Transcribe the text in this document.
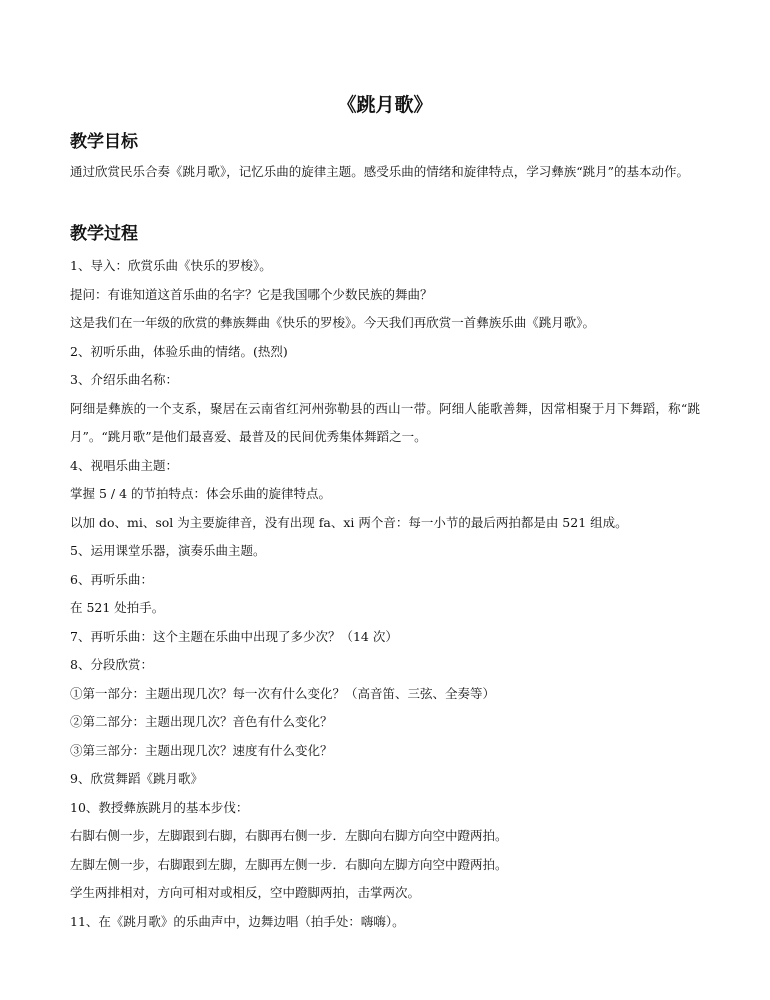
《跳月歌》
教学目标

通过欣赏民乐合奏《跳月歌》，记忆乐曲的旋律主题。感受乐曲的情绪和旋律特点，学习彝族“跳月”的基本动作。

教学过程

1、导入：欣赏乐曲《快乐的罗梭》。

提问：有谁知道这首乐曲的名字？它是我国哪个少数民族的舞曲？

这是我们在一年级的欣赏的彝族舞曲《快乐的罗梭》。今天我们再欣赏一首彝族乐曲《跳月歌》。

2、初听乐曲，体验乐曲的情绪。(热烈)

3、介绍乐曲名称：

阿细是彝族的一个支系，聚居在云南省红河州弥勒县的西山一带。阿细人能歌善舞，因常相聚于月下舞蹈，称“跳月”。“跳月歌”是他们最喜爱、最普及的民间优秀集体舞蹈之一。

4、视唱乐曲主题：

掌握 5 / 4 的节拍特点：体会乐曲的旋律特点。

以加 do、mi、sol 为主要旋律音，没有出现 fa、xi 两个音：每一小节的最后两拍都是由 521 组成。

5、运用课堂乐器，演奏乐曲主题。

6、再听乐曲：

在 521 处拍手。

7、再听乐曲：这个主题在乐曲中出现了多少次？（14 次）

8、分段欣赏：

①第一部分：主题出现几次？每一次有什么变化？（高音笛、三弦、全奏等）

②第二部分：主题出现几次？音色有什么变化？

③第三部分：主题出现几次？速度有什么变化？

9、欣赏舞蹈《跳月歌》

10、教授彝族跳月的基本步伐：

右脚右侧一步，左脚跟到右脚，右脚再右侧一步．左脚向右脚方向空中蹬两拍。

左脚左侧一步，右脚跟到左脚，左脚再左侧一步．右脚向左脚方向空中蹬两拍。

学生两排相对，方向可相对或相反，空中蹬脚两拍，击掌两次。

11、在《跳月歌》的乐曲声中，边舞边唱（拍手处：嗨嗨）。
